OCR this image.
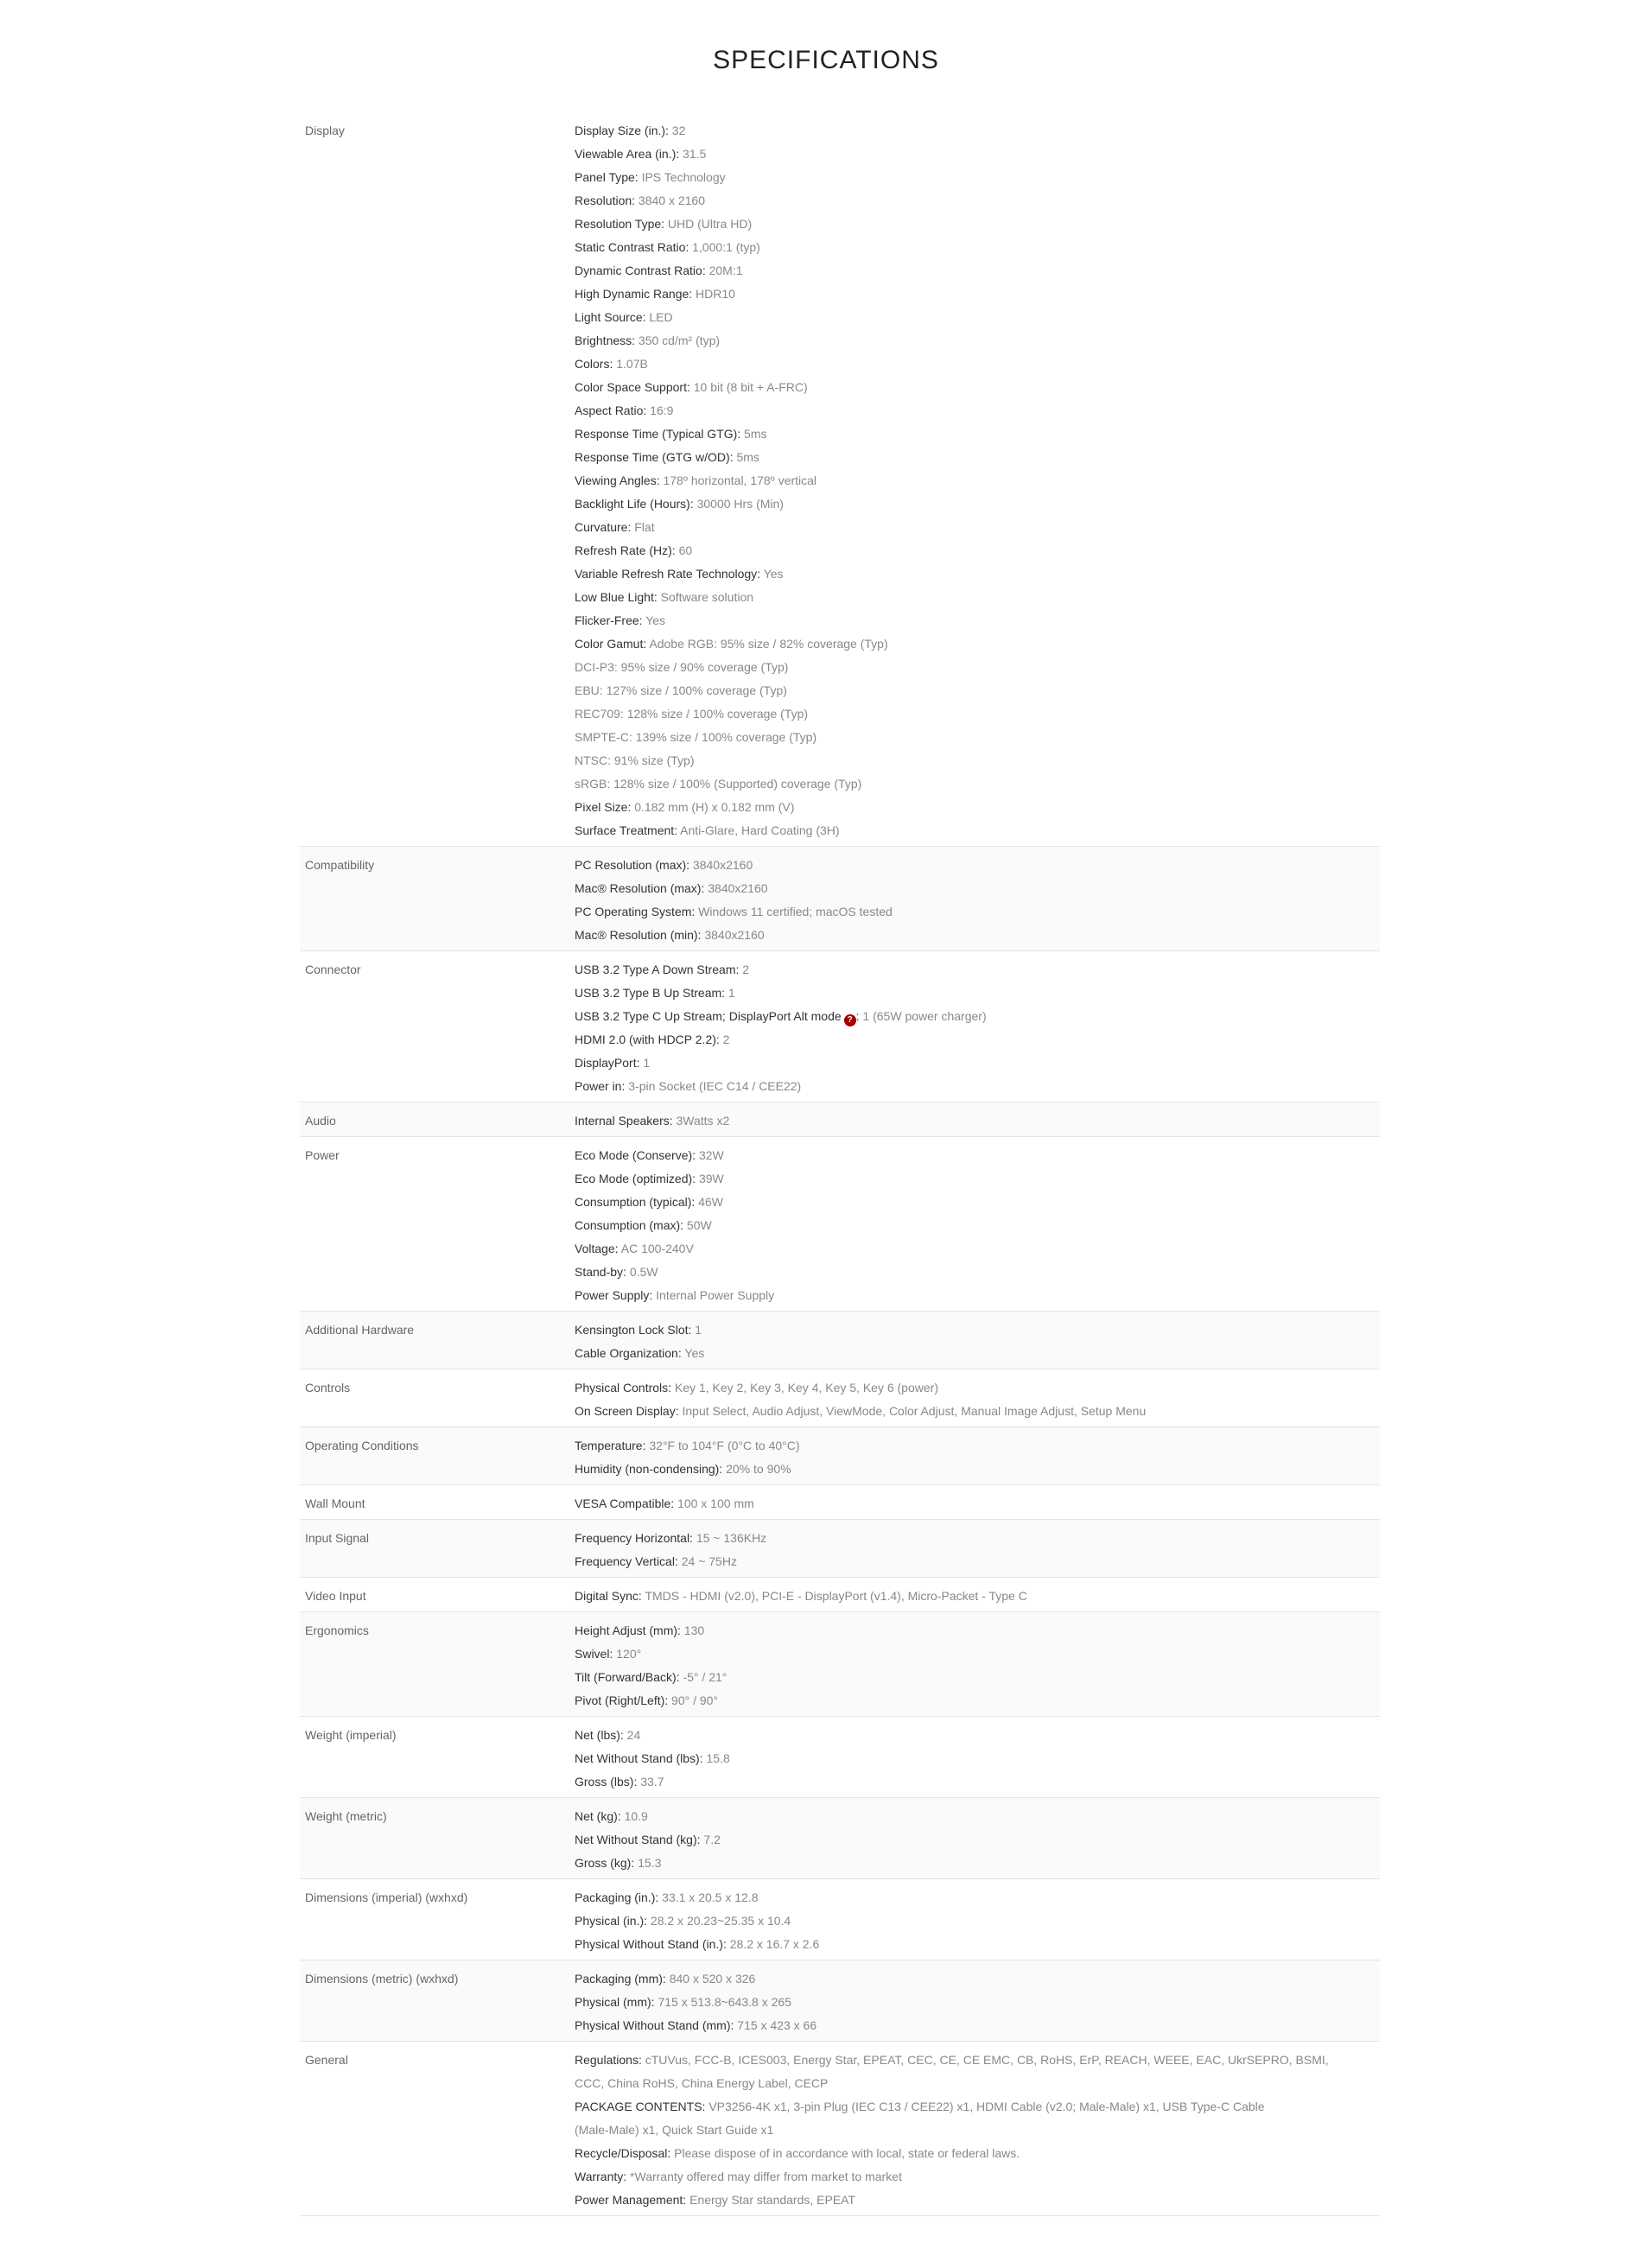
SPECIFICATIONS
Display	Display Size (in.): 32
Viewable Area (in.): 31.5
Panel Type: IPS Technology
Resolution: 3840 x 2160
Resolution Type: UHD (Ultra HD)
Static Contrast Ratio: 1,000:1 (typ)
Dynamic Contrast Ratio: 20M:1
High Dynamic Range: HDR10
Light Source: LED
Brightness: 350 cd/m² (typ)
Colors: 1.07B
Color Space Support: 10 bit (8 bit + A-FRC)
Aspect Ratio: 16:9
Response Time (Typical GTG): 5ms
Response Time (GTG w/OD): 5ms
Viewing Angles: 178º horizontal, 178º vertical
Backlight Life (Hours): 30000 Hrs (Min)
Curvature: Flat
Refresh Rate (Hz): 60
Variable Refresh Rate Technology: Yes
Low Blue Light: Software solution
Flicker-Free: Yes
Color Gamut: Adobe RGB: 95% size / 82% coverage (Typ)
DCI-P3: 95% size / 90% coverage (Typ)
EBU: 127% size / 100% coverage (Typ)
REC709: 128% size / 100% coverage (Typ)
SMPTE-C: 139% size / 100% coverage (Typ)
NTSC: 91% size (Typ)
sRGB: 128% size / 100% (Supported) coverage (Typ)
Pixel Size: 0.182 mm (H) x 0.182 mm (V)
Surface Treatment: Anti-Glare, Hard Coating (3H)
Compatibility	PC Resolution (max): 3840x2160
Mac® Resolution (max): 3840x2160
PC Operating System: Windows 11 certified; macOS tested
Mac® Resolution (min): 3840x2160
Connector	USB 3.2 Type A Down Stream: 2
USB 3.2 Type B Up Stream: 1
USB 3.2 Type C Up Stream; DisplayPort Alt mode ? : 1 (65W power charger)
HDMI 2.0 (with HDCP 2.2): 2
DisplayPort: 1
Power in: 3-pin Socket (IEC C14 / CEE22)
Audio	Internal Speakers: 3Watts x2
Power	Eco Mode (Conserve): 32W
Eco Mode (optimized): 39W
Consumption (typical): 46W
Consumption (max): 50W
Voltage: AC 100-240V
Stand-by: 0.5W
Power Supply: Internal Power Supply
Additional Hardware	Kensington Lock Slot: 1
Cable Organization: Yes
Controls	Physical Controls: Key 1, Key 2, Key 3, Key 4, Key 5, Key 6 (power)
On Screen Display: Input Select, Audio Adjust, ViewMode, Color Adjust, Manual Image Adjust, Setup Menu
Operating Conditions	Temperature: 32°F to 104°F (0°C to 40°C)
Humidity (non-condensing): 20% to 90%
Wall Mount	VESA Compatible: 100 x 100 mm
Input Signal	Frequency Horizontal: 15 ~ 136KHz
Frequency Vertical: 24 ~ 75Hz
Video Input	Digital Sync: TMDS - HDMI (v2.0), PCI-E - DisplayPort (v1.4), Micro-Packet - Type C
Ergonomics	Height Adjust (mm): 130
Swivel: 120°
Tilt (Forward/Back): -5° / 21°
Pivot (Right/Left): 90° / 90°
Weight (imperial)	Net (lbs): 24
Net Without Stand (lbs): 15.8
Gross (lbs): 33.7
Weight (metric)	Net (kg): 10.9
Net Without Stand (kg): 7.2
Gross (kg): 15.3
Dimensions (imperial) (wxhxd)	Packaging (in.): 33.1 x 20.5 x 12.8
Physical (in.): 28.2 x 20.23~25.35 x 10.4
Physical Without Stand (in.): 28.2 x 16.7 x 2.6
Dimensions (metric) (wxhxd)	Packaging (mm): 840 x 520 x 326
Physical (mm): 715 x 513.8~643.8 x 265
Physical Without Stand (mm): 715 x 423 x 66
General	Regulations: cTUVus, FCC-B, ICES003, Energy Star, EPEAT, CEC, CE, CE EMC, CB, RoHS, ErP, REACH, WEEE, EAC, UkrSEPRO, BSMI,
CCC, China RoHS, China Energy Label, CECP
PACKAGE CONTENTS: VP3256-4K x1, 3-pin Plug (IEC C13 / CEE22) x1, HDMI Cable (v2.0; Male-Male) x1, USB Type-C Cable
(Male-Male) x1, Quick Start Guide x1
Recycle/Disposal: Please dispose of in accordance with local, state or federal laws.
Warranty: *Warranty offered may differ from market to market
Power Management: Energy Star standards, EPEAT
